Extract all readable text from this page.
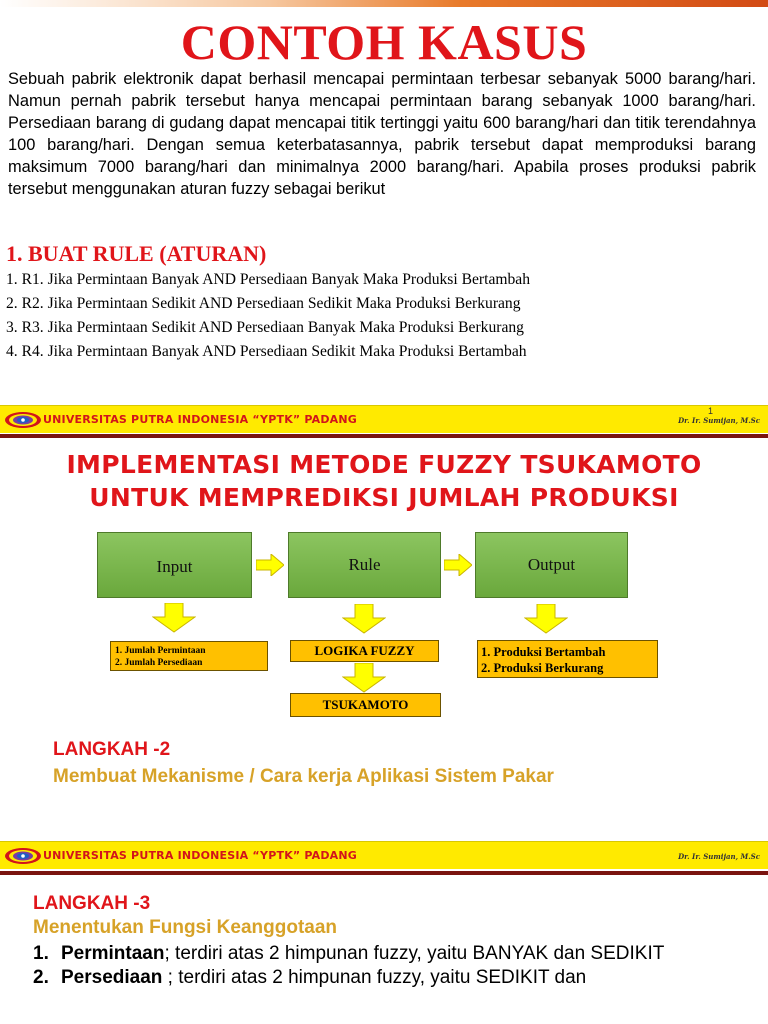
CONTOH KASUS

Sebuah pabrik elektronik dapat berhasil mencapai permintaan terbesar sebanyak 5000 barang/hari. Namun pernah pabrik tersebut hanya mencapai permintaan barang sebanyak 1000 barang/hari. Persediaan barang di gudang dapat mencapai titik tertinggi yaitu 600 barang/hari dan titik terendahnya 100 barang/hari. Dengan semua keterbatasannya, pabrik tersebut dapat memproduksi barang maksimum 7000 barang/hari dan minimalnya 2000 barang/hari. Apabila proses produksi pabrik tersebut menggunakan aturan fuzzy sebagai berikut

1. BUAT RULE (ATURAN)
1. R1. Jika Permintaan Banyak AND Persediaan Banyak Maka Produksi Bertambah
2. R2. Jika Permintaan Sedikit AND Persediaan Sedikit Maka Produksi Berkurang
3. R3. Jika Permintaan Sedikit AND Persediaan Banyak Maka Produksi Berkurang
4. R4. Jika Permintaan Banyak AND Persediaan Sedikit Maka Produksi Bertambah
UNIVERSITAS PUTRA INDONESIA “YPTK” PADANG
1
Dr. Ir. Sumijan, M.Sc
IMPLEMENTASI METODE FUZZY TSUKAMOTO
UNTUK MEMPREDIKSI JUMLAH PRODUKSI
Input	Rule	Output
1. Jumlah Permintaan
2. Jumlah Persediaan
LOGIKA FUZZY
TSUKAMOTO
1. Produksi Bertambah
2. Produksi Berkurang
LANGKAH -2
Membuat Mekanisme / Cara kerja Aplikasi Sistem Pakar
UNIVERSITAS PUTRA INDONESIA “YPTK” PADANG	Dr. Ir. Sumijan, M.Sc
LANGKAH -3
Menentukan Fungsi Keanggotaan
1. Permintaan; terdiri atas 2 himpunan fuzzy, yaitu BANYAK dan SEDIKIT
2. Persediaan ; terdiri atas 2 himpunan fuzzy, yaitu SEDIKIT dan
